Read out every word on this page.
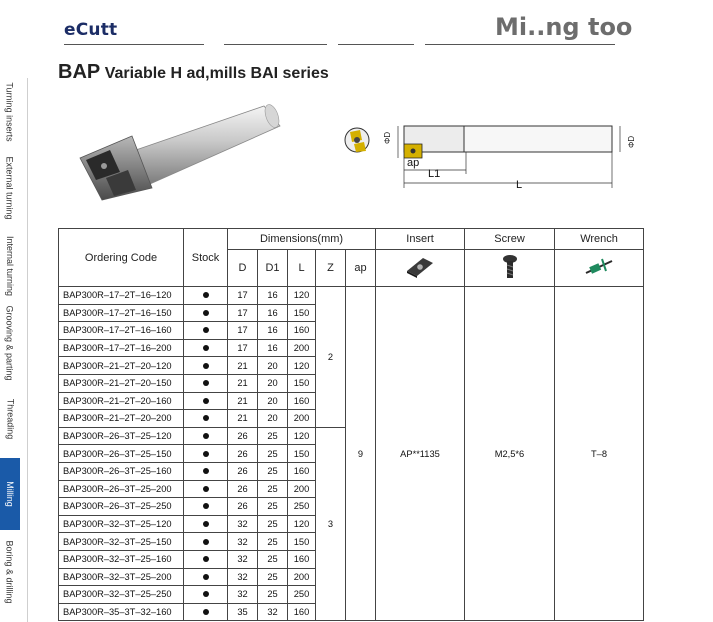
eCutt	Mi..ng too
Turning inserts
External turning
Internal turning
Grooving & parting
Threading
Milling
Boring & drilling
BAP Variable H ad,mills BAI series
ΦD	ΦD
ap
L1
L
Ordering Code	Stock	Dimensions(mm)					Insert	Screw	Wrench
		D	D1	L	Z	ap			
BAP300R–17–2T–16–120		17	16	120	2	9	AP**1135	M2,5*6	T–8
BAP300R–17–2T–16–150		17	16	150					
BAP300R–17–2T–16–160		17	16	160					
BAP300R–17–2T–16–200		17	16	200					
BAP300R–21–2T–20–120		21	20	120					
BAP300R–21–2T–20–150		21	20	150					
BAP300R–21–2T–20–160		21	20	160					
BAP300R–21–2T–20–200		21	20	200					
BAP300R–26–3T–25–120		26	25	120	3				
BAP300R–26–3T–25–150		26	25	150					
BAP300R–26–3T–25–160		26	25	160					
BAP300R–26–3T–25–200		26	25	200					
BAP300R–26–3T–25–250		26	25	250					
BAP300R–32–3T–25–120		32	25	120					
BAP300R–32–3T–25–150		32	25	150					
BAP300R–32–3T–25–160		32	25	160					
BAP300R–32–3T–25–200		32	25	200					
BAP300R–32–3T–25–250		32	25	250					
BAP300R–35–3T–32–160		35	32	160					
